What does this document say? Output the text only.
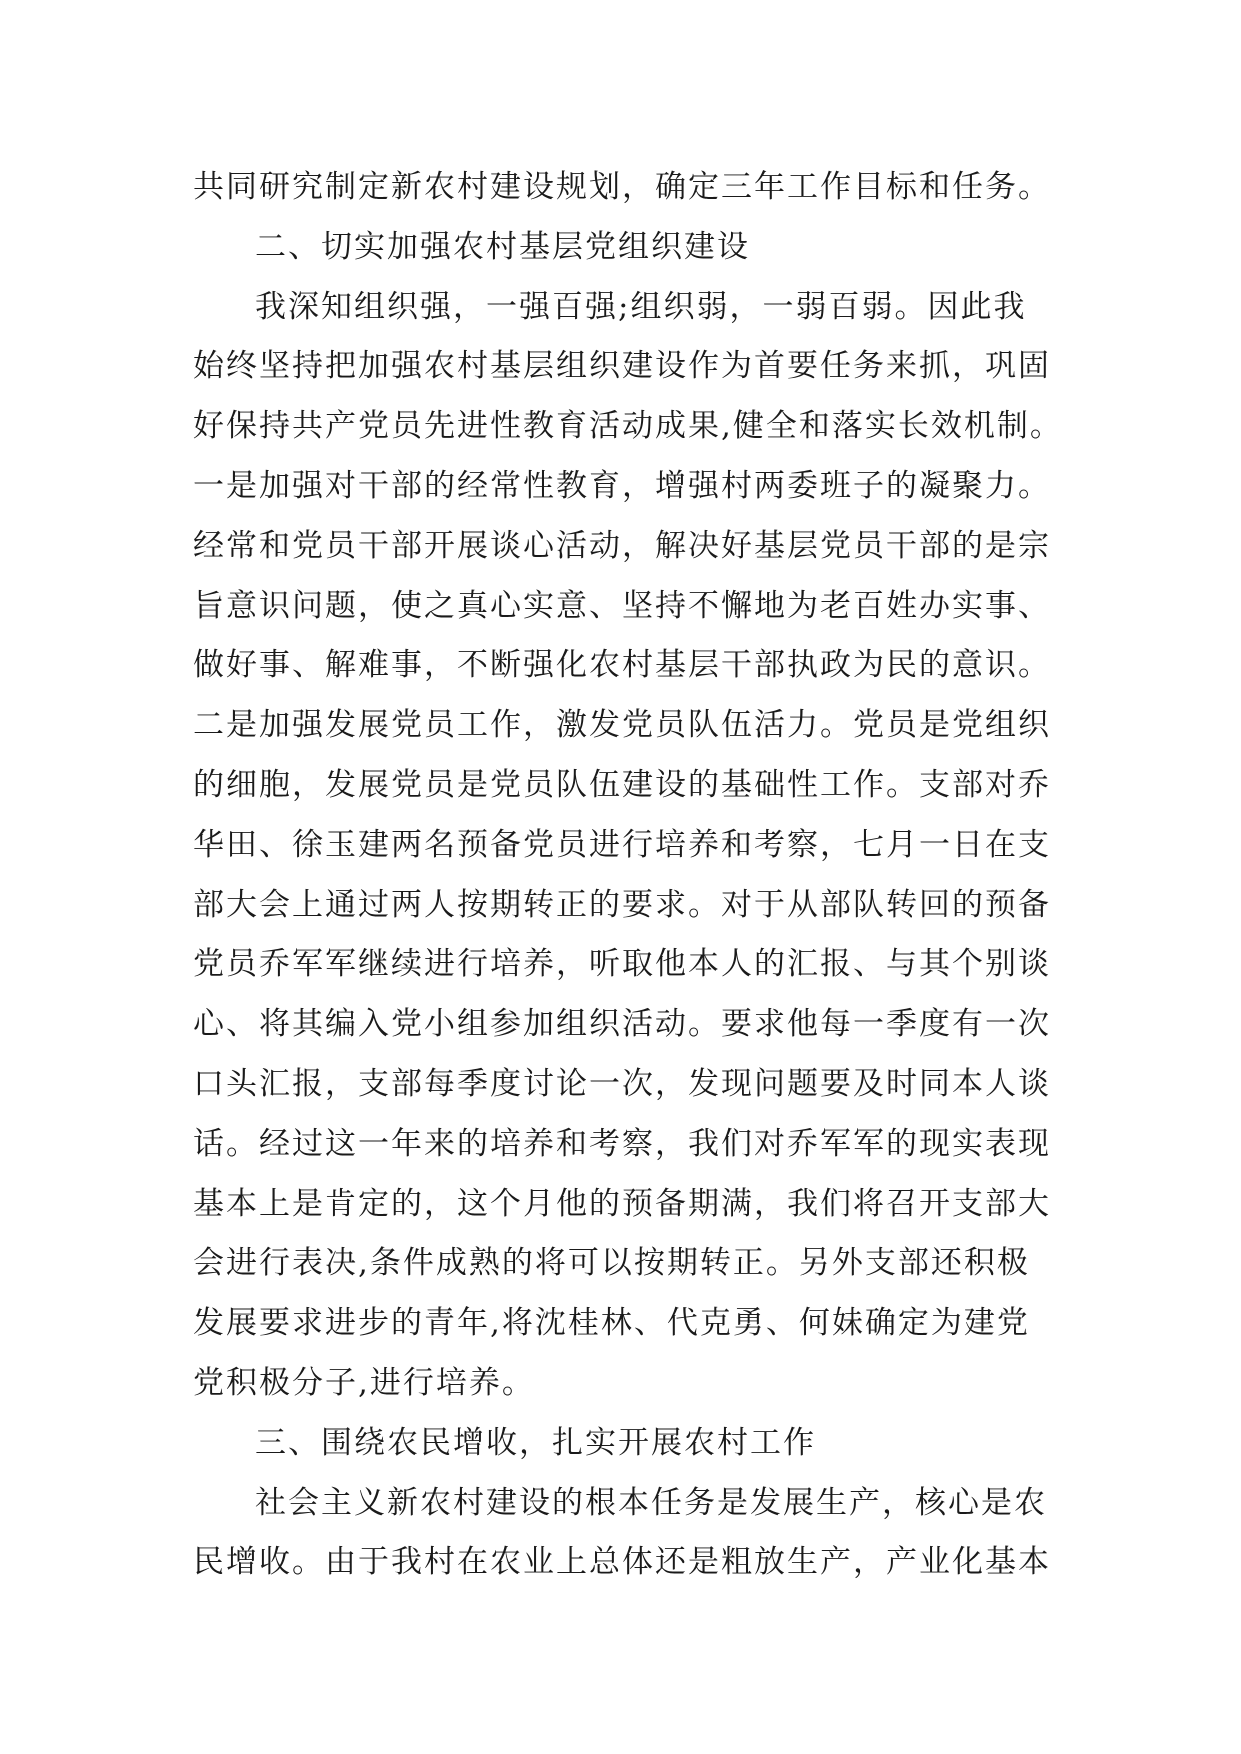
共同研究制定新农村建设规划，确定三年工作目标和任务。
二、切实加强农村基层党组织建设
我深知组织强，一强百强;组织弱，一弱百弱。因此我
始终坚持把加强农村基层组织建设作为首要任务来抓，巩固
好保持共产党员先进性教育活动成果,健全和落实长效机制。
一是加强对干部的经常性教育，增强村两委班子的凝聚力。
经常和党员干部开展谈心活动，解决好基层党员干部的是宗
旨意识问题，使之真心实意、坚持不懈地为老百姓办实事、
做好事、解难事，不断强化农村基层干部执政为民的意识。
二是加强发展党员工作，激发党员队伍活力。党员是党组织
的细胞，发展党员是党员队伍建设的基础性工作。支部对乔
华田、徐玉建两名预备党员进行培养和考察，七月一日在支
部大会上通过两人按期转正的要求。对于从部队转回的预备
党员乔军军继续进行培养，听取他本人的汇报、与其个别谈
心、将其编入党小组参加组织活动。要求他每一季度有一次
口头汇报，支部每季度讨论一次，发现问题要及时同本人谈
话。经过这一年来的培养和考察，我们对乔军军的现实表现
基本上是肯定的，这个月他的预备期满，我们将召开支部大
会进行表决,条件成熟的将可以按期转正。另外支部还积极
发展要求进步的青年,将沈桂林、代克勇、何妹确定为建党
党积极分子,进行培养。
三、围绕农民增收，扎实开展农村工作
社会主义新农村建设的根本任务是发展生产，核心是农
民增收。由于我村在农业上总体还是粗放生产，产业化基本
